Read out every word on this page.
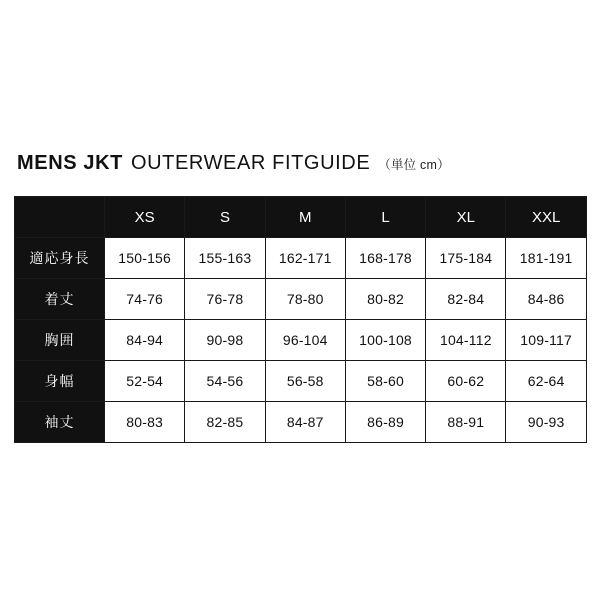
MENS JKT OUTERWEAR FITGUIDE （単位 cm）
	XS	S	M	L	XL	XXL
適応身長	150-156	155-163	162-171	168-178	175-184	181-191
着丈	74-76	76-78	78-80	80-82	82-84	84-86
胸囲	84-94	90-98	96-104	100-108	104-112	109-117
身幅	52-54	54-56	56-58	58-60	60-62	62-64
袖丈	80-83	82-85	84-87	86-89	88-91	90-93
